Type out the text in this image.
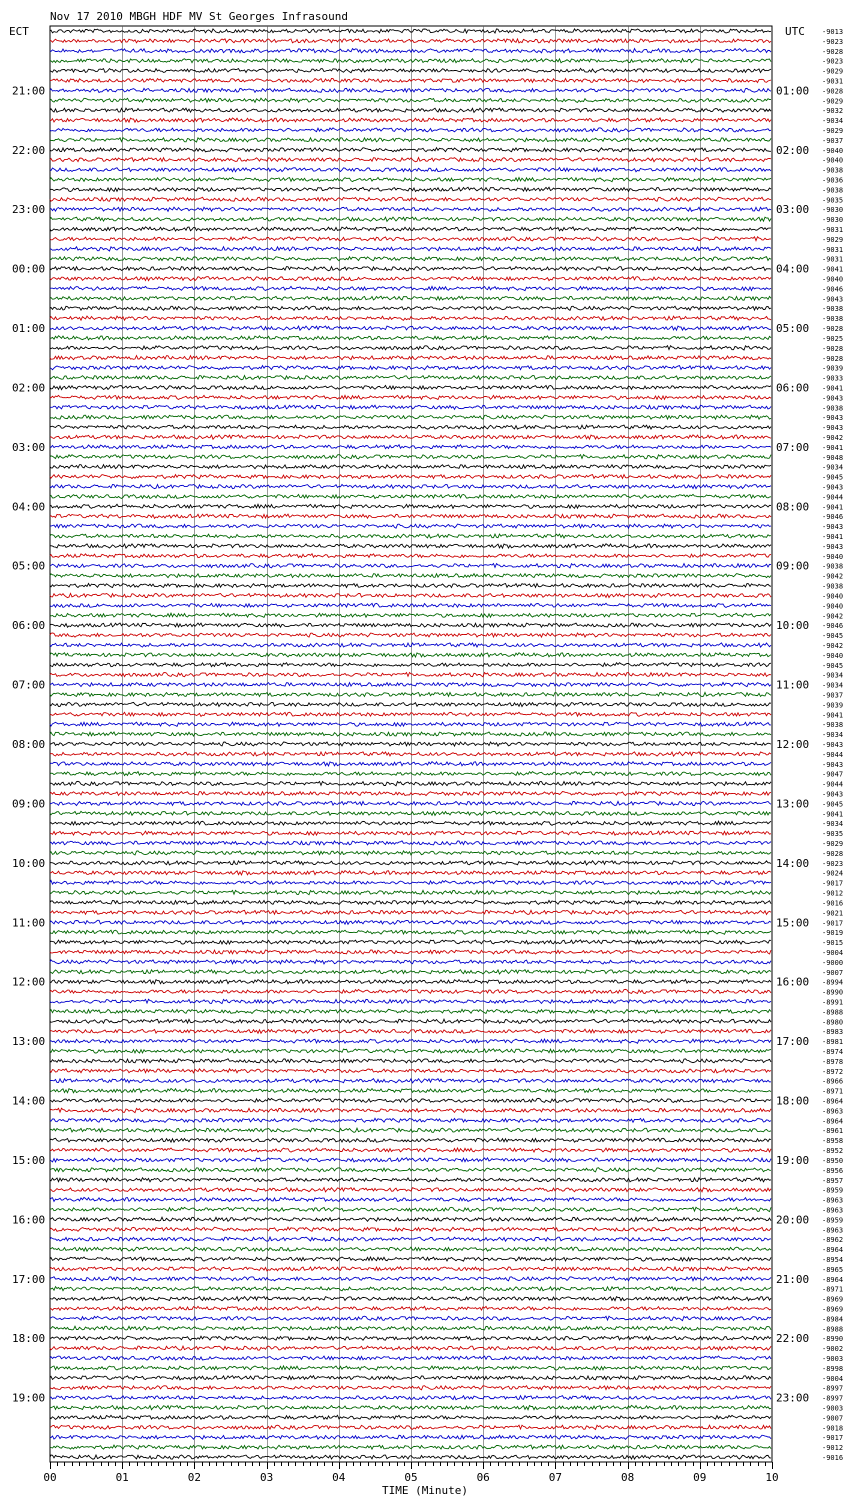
Nov 17 2010 MBGH HDF MV St Georges Infrasound
ECT	UTC
TIME (Minute)
-9013
-9023
-9028
-9023
-9029
-9031
-9028
-9029
-9032
-9034
-9029
-9037
-9040
-9040
-9038
-9036
-9038
-9035
-9030
-9030
-9031
-9029
-9031
-9031
-9041
-9040
-9046
-9043
-9038
-9038
-9028
-9025
-9028
-9028
-9039
-9033
-9041
-9043
-9038
-9043
-9043
-9042
-9041
-9048
-9034
-9045
-9043
-9044
-9041
-9046
-9043
-9041
-9043
-9040
-9038
-9042
-9038
-9040
-9040
-9042
-9046
-9045
-9042
-9040
-9045
-9034
-9034
-9037
-9039
-9041
-9038
-9034
-9043
-9044
-9043
-9047
-9044
-9043
-9045
-9041
-9034
-9035
-9029
-9028
-9023
-9024
-9017
-9012
-9016
-9021
-9017
-9019
-9015
-9004
-9000
-9007
-8994
-8990
-8991
-8988
-8980
-8983
-8981
-8974
-8978
-8972
-8966
-8971
-8964
-8963
-8964
-8961
-8958
-8952
-8950
-8956
-8957
-8959
-8963
-8963
-8959
-8963
-8962
-8964
-8954
-8965
-8964
-8971
-8969
-8969
-8984
-8988
-8990
-9002
-9003
-8998
-9004
-8997
-8997
-9003
-9007
-9018
-9017
-9012
-9016
21:00
22:00
23:00
00:00
01:00
02:00
03:00
04:00
05:00
06:00
07:00
08:00
09:00
10:00
11:00
12:00
13:00
14:00
15:00
16:00
17:00
18:00
19:00
01:00
02:00
03:00
04:00
05:00
06:00
07:00
08:00
09:00
10:00
11:00
12:00
13:00
14:00
15:00
16:00
17:00
18:00
19:00
20:00
21:00
22:00
23:00
00	01	02	03	04	05	06	07	08	09	10
